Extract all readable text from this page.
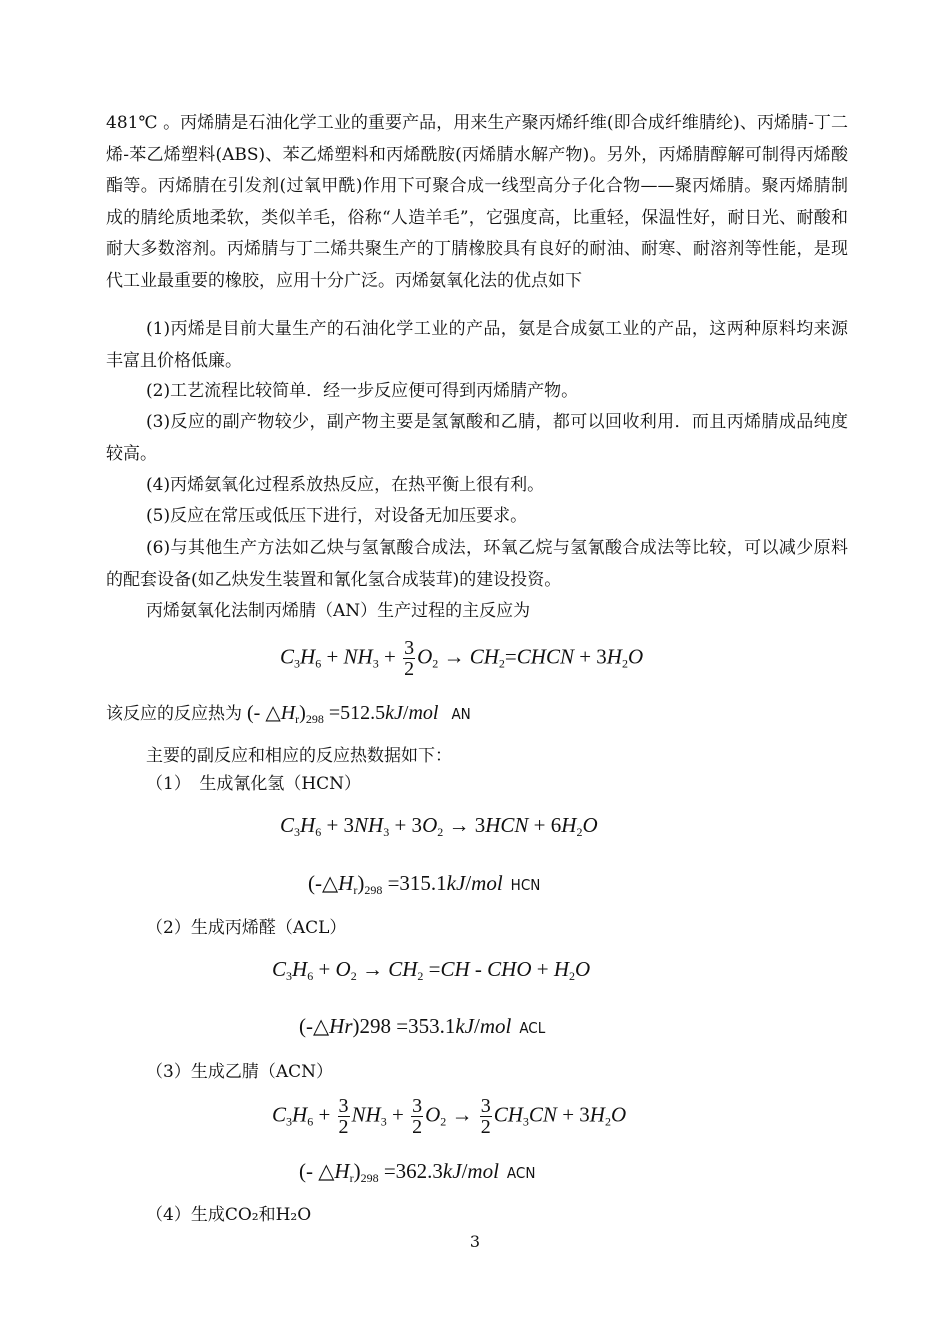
481℃ 。丙烯腈是石油化学工业的重要产品，用来生产聚丙烯纤维(即合成纤维腈纶)、丙烯腈-丁二烯-苯乙烯塑料(ABS)、苯乙烯塑料和丙烯酰胺(丙烯腈水解产物)。另外，丙烯腈醇解可制得丙烯酸酯等。丙烯腈在引发剂(过氧甲酰)作用下可聚合成一线型高分子化合物——聚丙烯腈。聚丙烯腈制成的腈纶质地柔软，类似羊毛，俗称“人造羊毛”，它强度高，比重轻，保温性好，耐日光、耐酸和耐大多数溶剂。丙烯腈与丁二烯共聚生产的丁腈橡胶具有良好的耐油、耐寒、耐溶剂等性能，是现代工业最重要的橡胶，应用十分广泛。丙烯氨氧化法的优点如下

(1)丙烯是目前大量生产的石油化学工业的产品，氨是合成氨工业的产品，这两种原料均来源丰富且价格低廉。

(2)工艺流程比较简单．经一步反应便可得到丙烯腈产物。

(3)反应的副产物较少，副产物主要是氢氰酸和乙腈，都可以回收利用．而且丙烯腈成品纯度较高。

(4)丙烯氨氧化过程系放热反应，在热平衡上很有利。

(5)反应在常压或低压下进行，对设备无加压要求。

(6)与其他生产方法如乙炔与氢氰酸合成法，环氧乙烷与氢氰酸合成法等比较，可以减少原料的配套设备(如乙炔发生装置和氰化氢合成装茸)的建设投资。

丙烯氨氧化法制丙烯腈（AN）生产过程的主反应为

$C_3H_6 + NH_3 + \frac{3}{2} O_2$ → $CH_2=CHCN + 3H_2O$
该反应的反应热为 (- $\triangle H_r)_{298} =512.5kJ/mol$ AN

主要的副反应和相应的反应热数据如下：

（1）　生成氰化氢（HCN）

$C_3H_6 + 3NH_3 + 3O_2 \to 3HCN + 6H_2O$
$(-\triangle H_r)_{298} =315.1kJ/mol$ HCN

（2）生成丙烯醛（ACL）

$C_3H_6 + O_2 \to CH_2 =CH$ - CHO + $H_2O$
(-△Hr)298 =353.1kJ/mol ACL

（3）生成乙腈（ACN）

$C_3H_6 + \frac{3}{2} NH_3 + \frac{3}{2} O_2 \to \frac{3}{2} CH_3CN + 3H_2O$
(- $\triangle H_r)_{298} =362.3kJ/mol$ ACN

（4）生成CO₂和H₂O

3
